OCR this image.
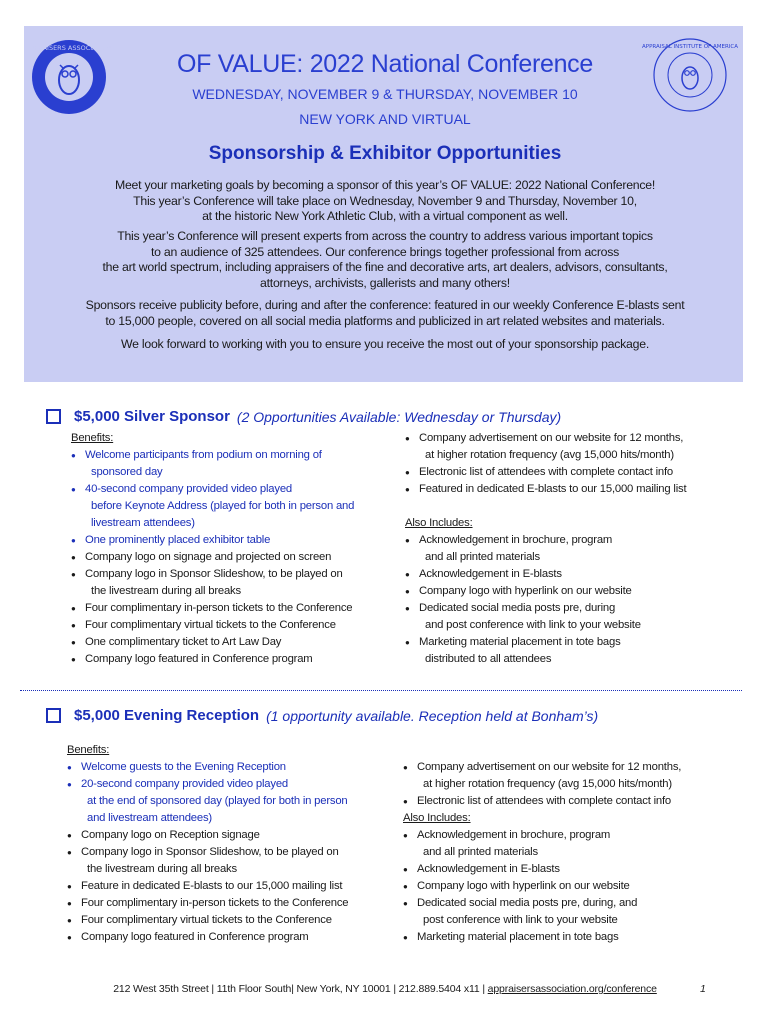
APPRAISERS ASSOCIATION	APPRAISAL INSTITUTE OF AMERICA
OF VALUE: 2022 National Conference
WEDNESDAY, NOVEMBER 9 & THURSDAY, NOVEMBER 10
NEW YORK AND VIRTUAL
Sponsorship & Exhibitor Opportunities
Meet your marketing goals by becoming a sponsor of this year’s OF VALUE: 2022 National Conference!
This year’s Conference will take place on Wednesday, November 9 and Thursday, November 10,
at the historic New York Athletic Club, with a virtual component as well.
This year’s Conference will present experts from across the country to address various important topics
to an audience of 325 attendees. Our conference brings together professional from across
the art world spectrum, including appraisers of the fine and decorative arts, art dealers, advisors, consultants,
attorneys, archivists, gallerists and many others!
Sponsors receive publicity before, during and after the conference: featured in our weekly Conference E-blasts sent
to 15,000 people, covered on all social media platforms and publicized in art related websites and materials.
We look forward to working with you to ensure you receive the most out of your sponsorship package.
$5,000 Silver Sponsor (2 Opportunities Available: Wednesday or Thursday)
Benefits:
● Welcome participants from podium on morning of
sponsored day
● 40-second company provided video played
before Keynote Address (played for both in person and
livestream attendees)
● One prominently placed exhibitor table
● Company logo on signage and projected on screen
● Company logo in Sponsor Slideshow, to be played on
the livestream during all breaks
● Four complimentary in-person tickets to the Conference
● Four complimentary virtual tickets to the Conference
● One complimentary ticket to Art Law Day
● Company logo featured in Conference program
● Company advertisement on our website for 12 months,
at higher rotation frequency (avg 15,000 hits/month)
● Electronic list of attendees with complete contact info
● Featured in dedicated E-blasts to our 15,000 mailing list
Also Includes:
● Acknowledgement in brochure, program
and all printed materials
● Acknowledgement in E-blasts
● Company logo with hyperlink on our website
● Dedicated social media posts pre, during
and post conference with link to your website
● Marketing material placement in tote bags
distributed to all attendees
$5,000 Evening Reception (1 opportunity available. Reception held at Bonham’s)
Benefits:
● Welcome guests to the Evening Reception
● 20-second company provided video played
at the end of sponsored day (played for both in person
and livestream attendees)
● Company logo on Reception signage
● Company logo in Sponsor Slideshow, to be played on
the livestream during all breaks
● Feature in dedicated E-blasts to our 15,000 mailing list
● Four complimentary in-person tickets to the Conference
● Four complimentary virtual tickets to the Conference
● Company logo featured in Conference program
● Company advertisement on our website for 12 months,
at higher rotation frequency (avg 15,000 hits/month)
● Electronic list of attendees with complete contact info
Also Includes:
● Acknowledgement in brochure, program
and all printed materials
● Acknowledgement in E-blasts
● Company logo with hyperlink on our website
● Dedicated social media posts pre, during, and
post conference with link to your website
● Marketing material placement in tote bags
212 West 35th Street | 11th Floor South| New York, NY 10001 | 212.889.5404 x11 | appraisersassociation.org/conference	1
